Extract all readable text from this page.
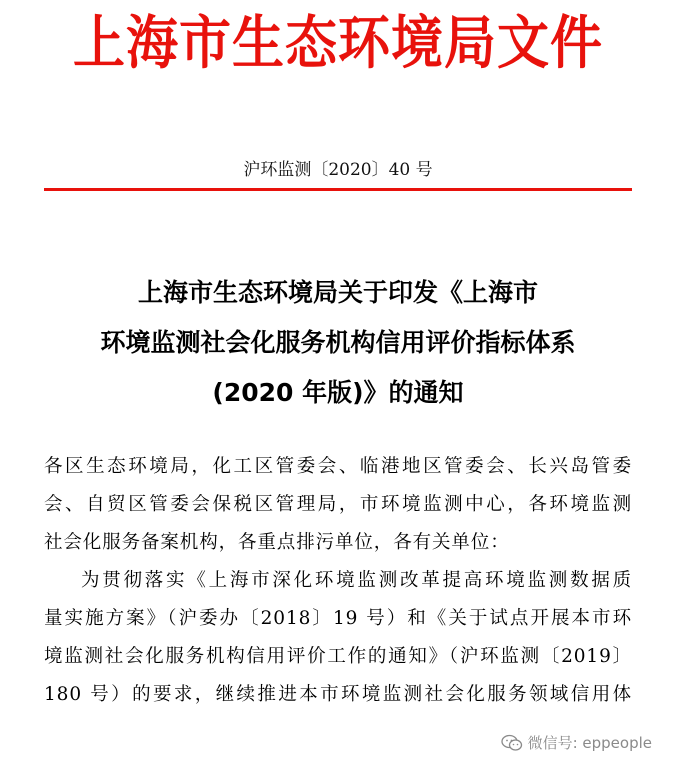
上海市生态环境局文件
沪环监测〔2020〕40 号
上海市生态环境局关于印发《上海市
环境监测社会化服务机构信用评价指标体系
(2020 年版)》的通知

各区生态环境局，化工区管委会、临港地区管委会、长兴岛管委
会、自贸区管委会保税区管理局，市环境监测中心，各环境监测
社会化服务备案机构，各重点排污单位，各有关单位：

为贯彻落实《上海市深化环境监测改革提高环境监测数据质
量实施方案》（沪委办〔2018〕19 号）和《关于试点开展本市环
境监测社会化服务机构信用评价工作的通知》（沪环监测〔2019〕
180 号）的要求，继续推进本市环境监测社会化服务领域信用体

微信号: eppeople
